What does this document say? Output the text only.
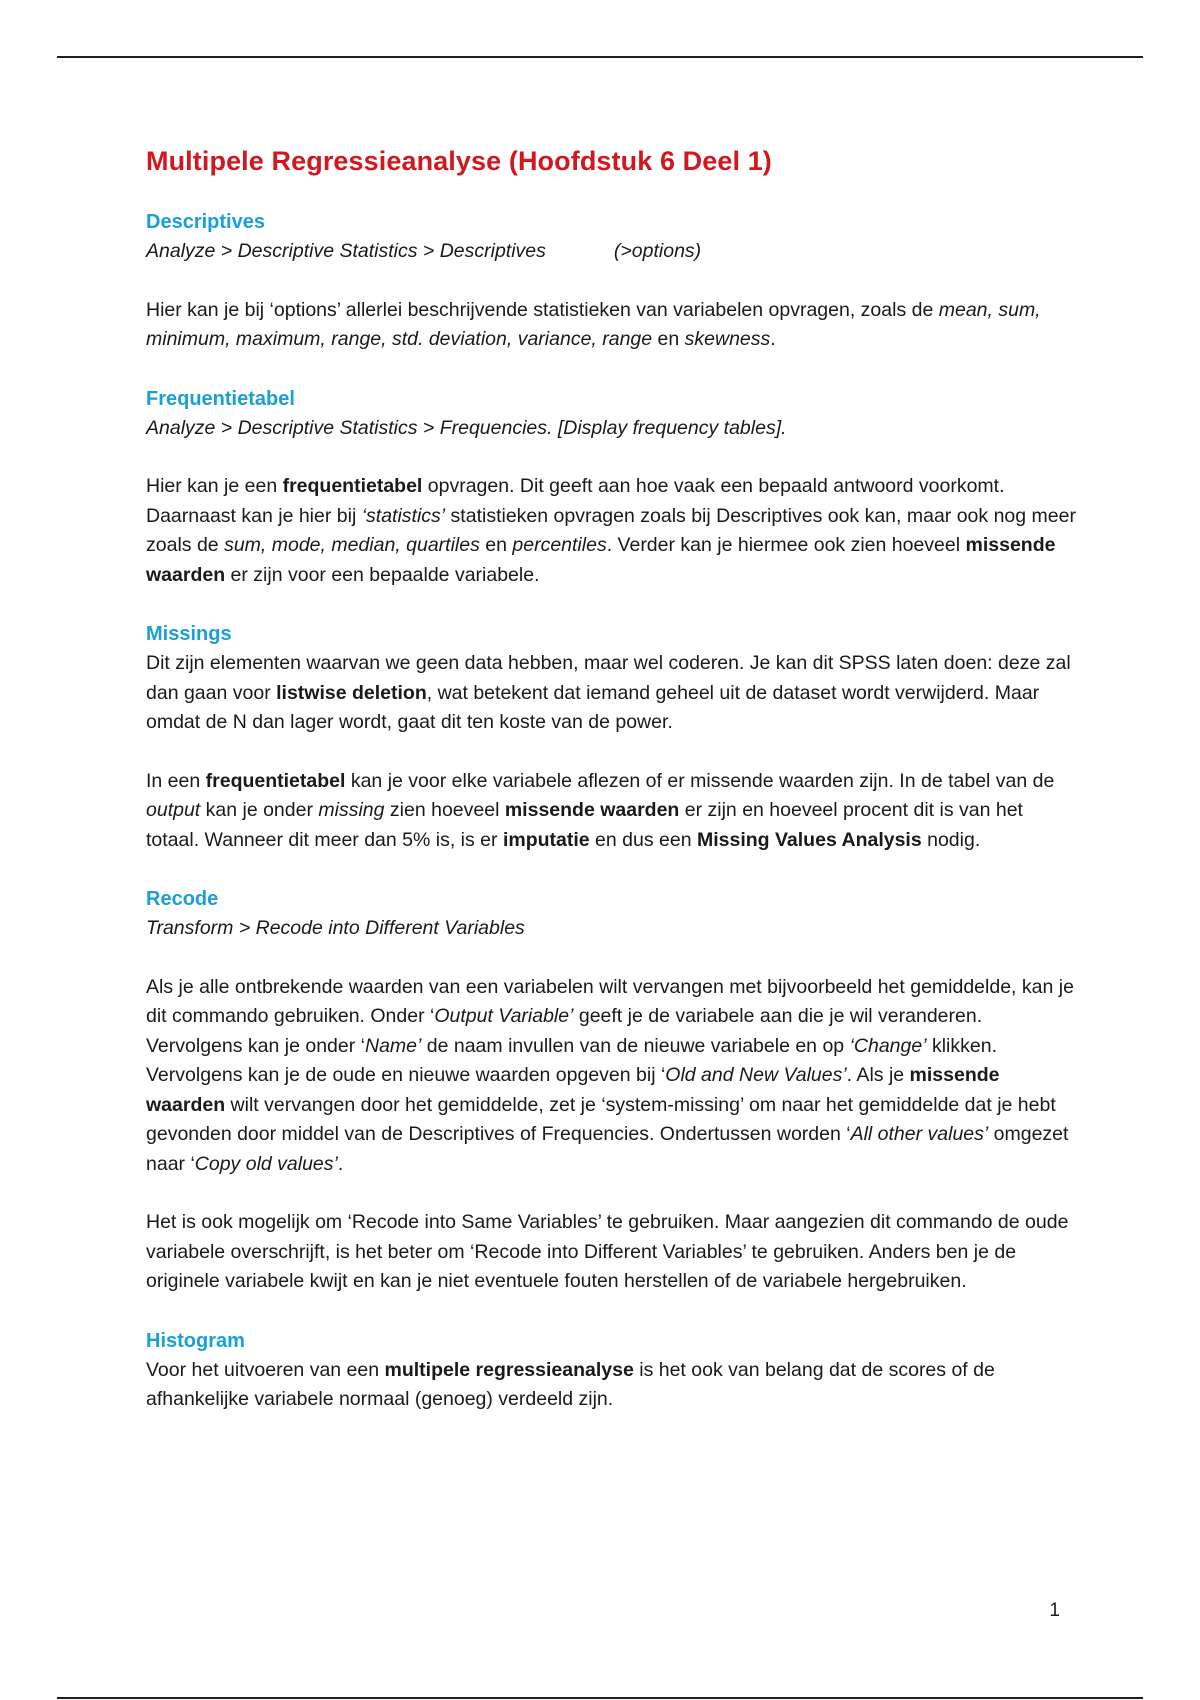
Multipele Regressieanalyse (Hoofdstuk 6 Deel 1)
Descriptives

Analyze > Descriptive Statistics > Descriptives	(>options)

Hier kan je bij ‘options’ allerlei beschrijvende statistieken van variabelen opvragen, zoals de mean, sum, minimum, maximum, range, std. deviation, variance, range en skewness.

Frequentietabel

Analyze > Descriptive Statistics > Frequencies. [Display frequency tables].

Hier kan je een frequentietabel opvragen. Dit geeft aan hoe vaak een bepaald antwoord voorkomt. Daarnaast kan je hier bij ‘statistics’ statistieken opvragen zoals bij Descriptives ook kan, maar ook nog meer zoals de sum, mode, median, quartiles en percentiles. Verder kan je hiermee ook zien hoeveel missende waarden er zijn voor een bepaalde variabele.

Missings

Dit zijn elementen waarvan we geen data hebben, maar wel coderen. Je kan dit SPSS laten doen: deze zal dan gaan voor listwise deletion, wat betekent dat iemand geheel uit de dataset wordt verwijderd. Maar omdat de N dan lager wordt, gaat dit ten koste van de power.

In een frequentietabel kan je voor elke variabele aflezen of er missende waarden zijn. In de tabel van de output kan je onder missing zien hoeveel missende waarden er zijn en hoeveel procent dit is van het totaal. Wanneer dit meer dan 5% is, is er imputatie en dus een Missing Values Analysis nodig.

Recode

Transform > Recode into Different Variables

Als je alle ontbrekende waarden van een variabelen wilt vervangen met bijvoorbeeld het gemiddelde, kan je dit commando gebruiken. Onder ‘Output Variable’ geeft je de variabele aan die je wil veranderen. Vervolgens kan je onder ‘Name’ de naam invullen van de nieuwe variabele en op ‘Change’ klikken.

Vervolgens kan je de oude en nieuwe waarden opgeven bij ‘Old and New Values’. Als je missende waarden wilt vervangen door het gemiddelde, zet je ‘system-missing’ om naar het gemiddelde dat je hebt gevonden door middel van de Descriptives of Frequencies. Ondertussen worden ‘All other values’ omgezet naar ‘Copy old values’.

Het is ook mogelijk om ‘Recode into Same Variables’ te gebruiken. Maar aangezien dit commando de oude variabele overschrijft, is het beter om ‘Recode into Different Variables’ te gebruiken. Anders ben je de originele variabele kwijt en kan je niet eventuele fouten herstellen of de variabele hergebruiken.

Histogram

Voor het uitvoeren van een multipele regressieanalyse is het ook van belang dat de scores of de afhankelijke variabele normaal (genoeg) verdeeld zijn.

1
